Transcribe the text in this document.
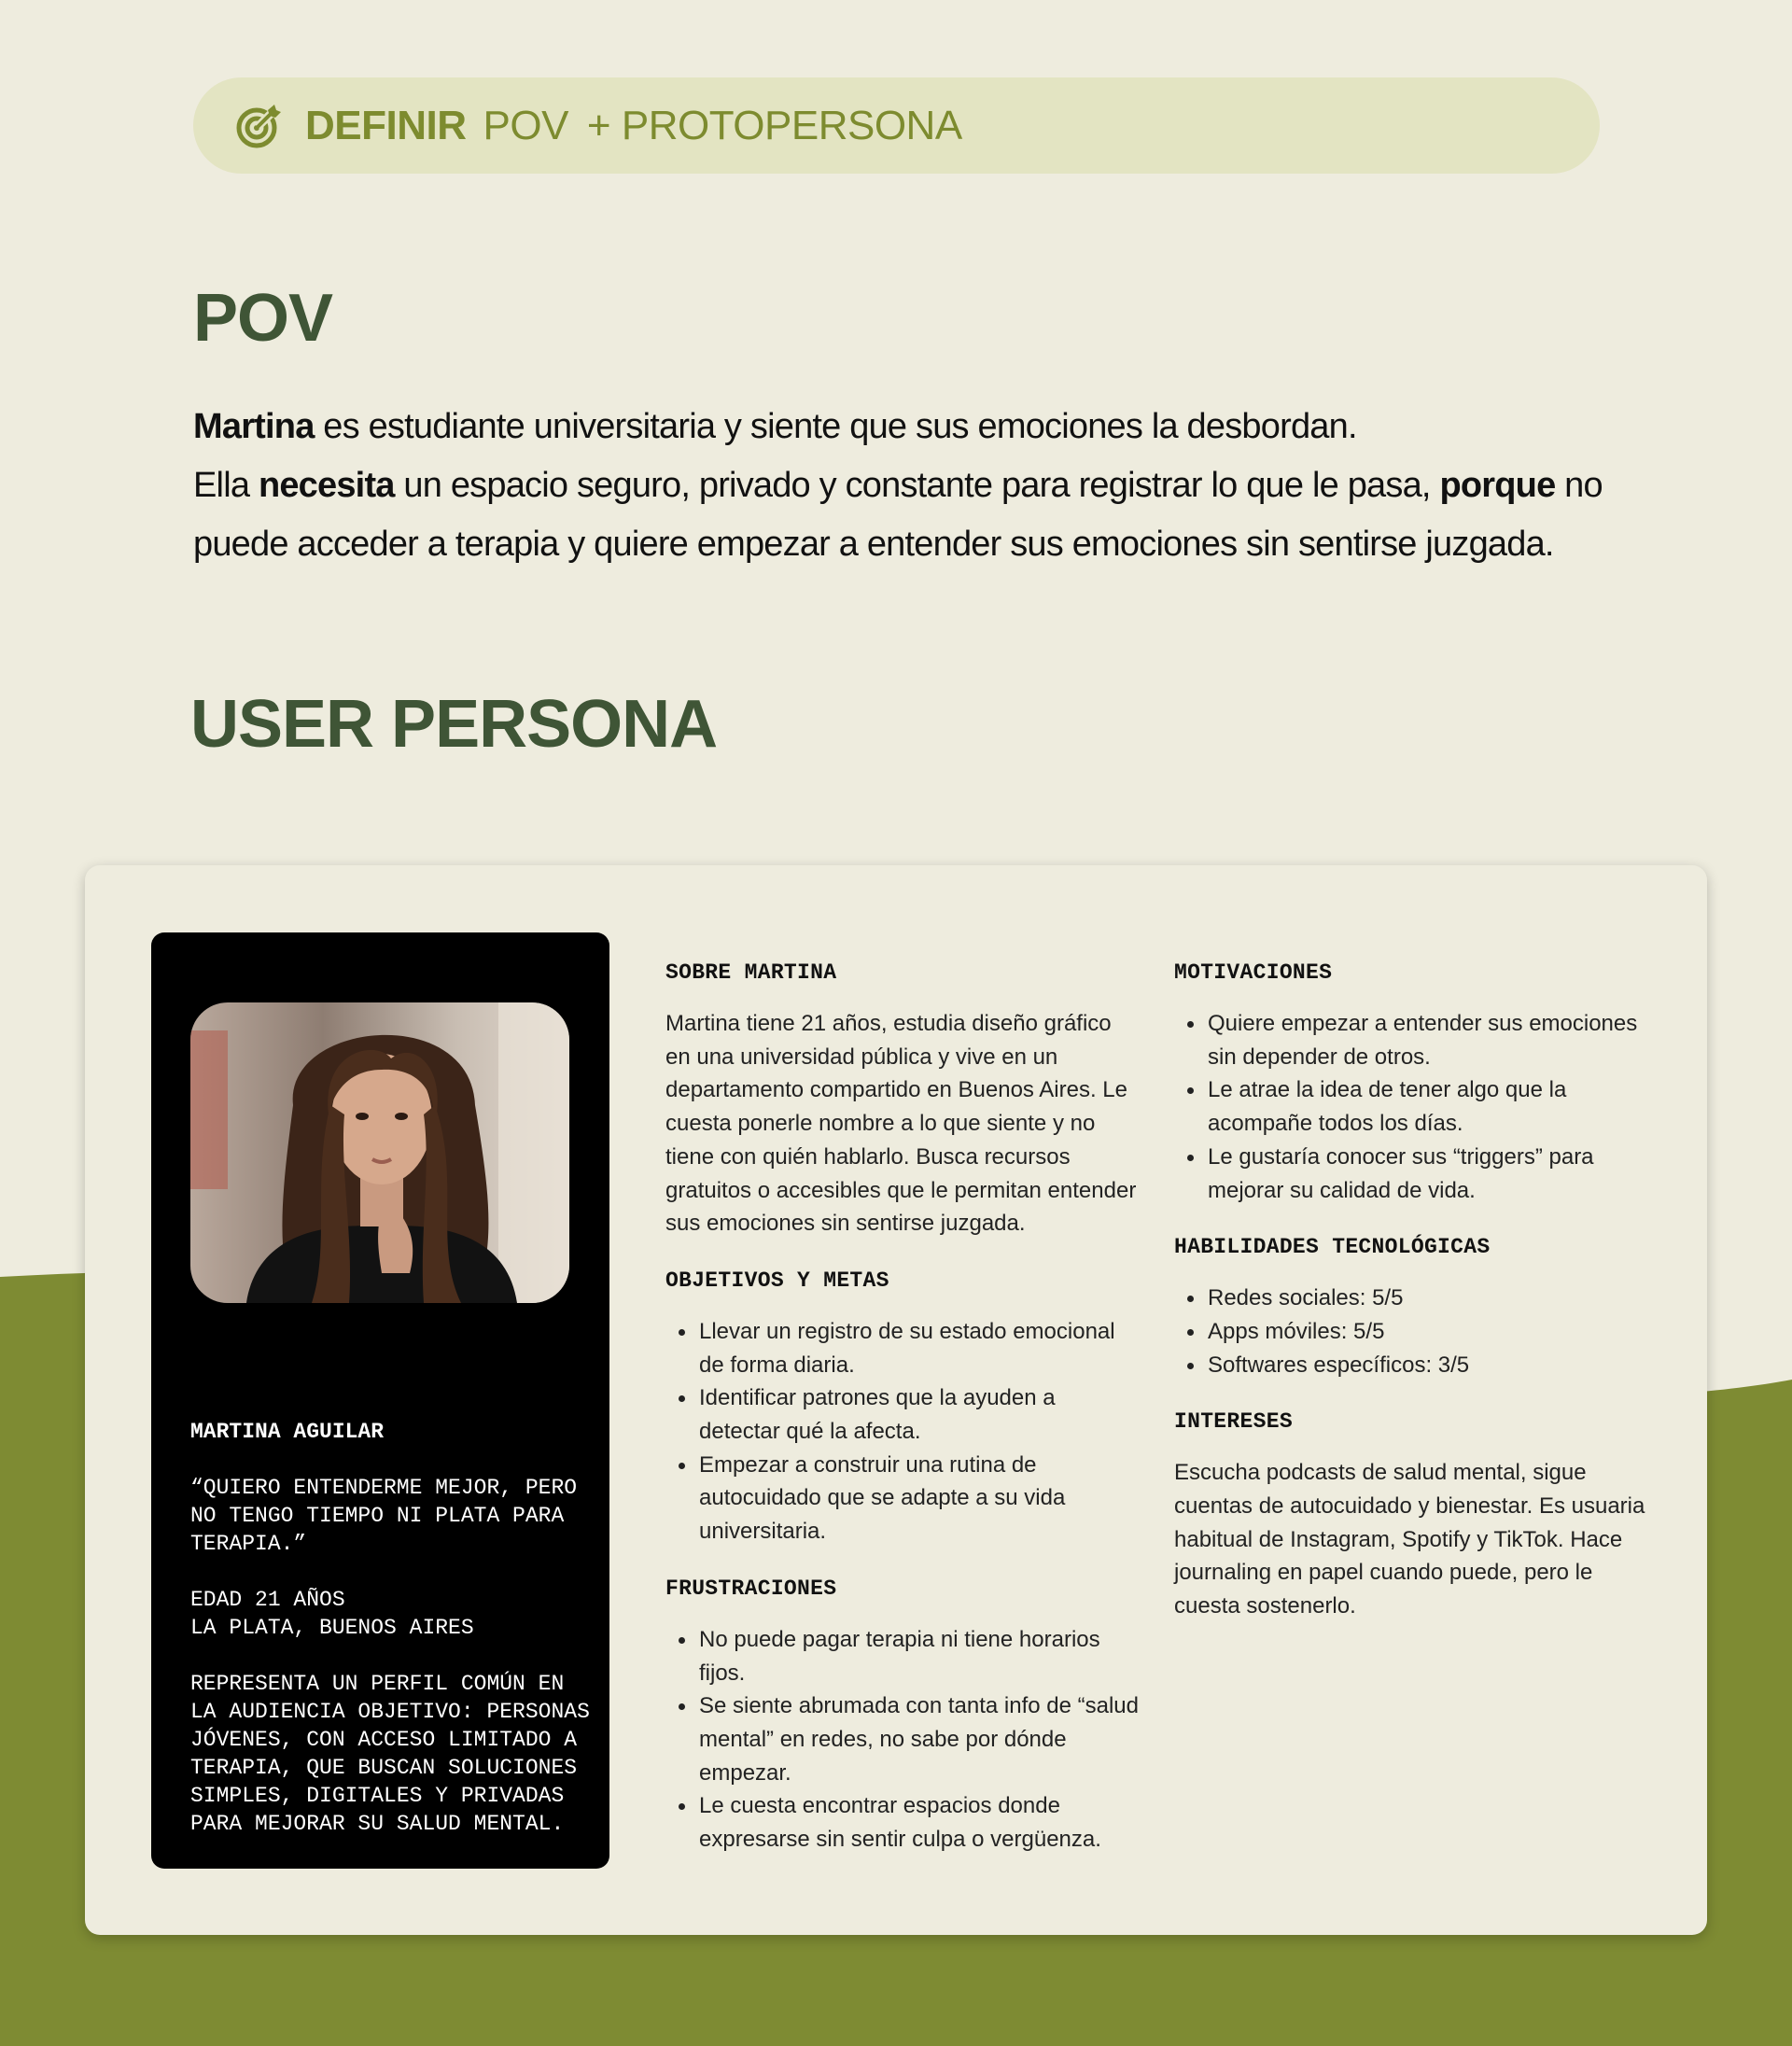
DEFINIR POV + PROTOPERSONA
POV

Martina es estudiante universitaria y siente que sus emociones la desbordan.
Ella necesita un espacio seguro, privado y constante para registrar lo que le pasa, porque no puede acceder a terapia y quiere empezar a entender sus emociones sin sentirse juzgada.

USER PERSONA
MARTINA AGUILAR
“QUIERO ENTENDERME MEJOR, PERO NO TENGO TIEMPO NI PLATA PARA TERAPIA.”
EDAD 21 AÑOS
LA PLATA, BUENOS AIRES
REPRESENTA UN PERFIL COMÚN EN LA AUDIENCIA OBJETIVO: PERSONAS JÓVENES, CON ACCESO LIMITADO A TERAPIA, QUE BUSCAN SOLUCIONES SIMPLES, DIGITALES Y PRIVADAS PARA MEJORAR SU SALUD MENTAL.
SOBRE MARTINA

Martina tiene 21 años, estudia diseño gráfico en una universidad pública y vive en un departamento compartido en Buenos Aires. Le cuesta ponerle nombre a lo que siente y no tiene con quién hablarlo. Busca recursos gratuitos o accesibles que le permitan entender sus emociones sin sentirse juzgada.

OBJETIVOS Y METAS
Llevar un registro de su estado emocional de forma diaria.
Identificar patrones que la ayuden a detectar qué la afecta.
Empezar a construir una rutina de autocuidado que se adapte a su vida universitaria.
FRUSTRACIONES
No puede pagar terapia ni tiene horarios fijos.
Se siente abrumada con tanta info de “salud mental” en redes, no sabe por dónde empezar.
Le cuesta encontrar espacios donde expresarse sin sentir culpa o vergüenza.
MOTIVACIONES
Quiere empezar a entender sus emociones sin depender de otros.
Le atrae la idea de tener algo que la acompañe todos los días.
Le gustaría conocer sus “triggers” para mejorar su calidad de vida.
HABILIDADES TECNOLÓGICAS
Redes sociales: 5/5
Apps móviles: 5/5
Softwares específicos: 3/5
INTERESES

Escucha podcasts de salud mental, sigue cuentas de autocuidado y bienestar. Es usuaria habitual de Instagram, Spotify y TikTok. Hace journaling en papel cuando puede, pero le cuesta sostenerlo.
